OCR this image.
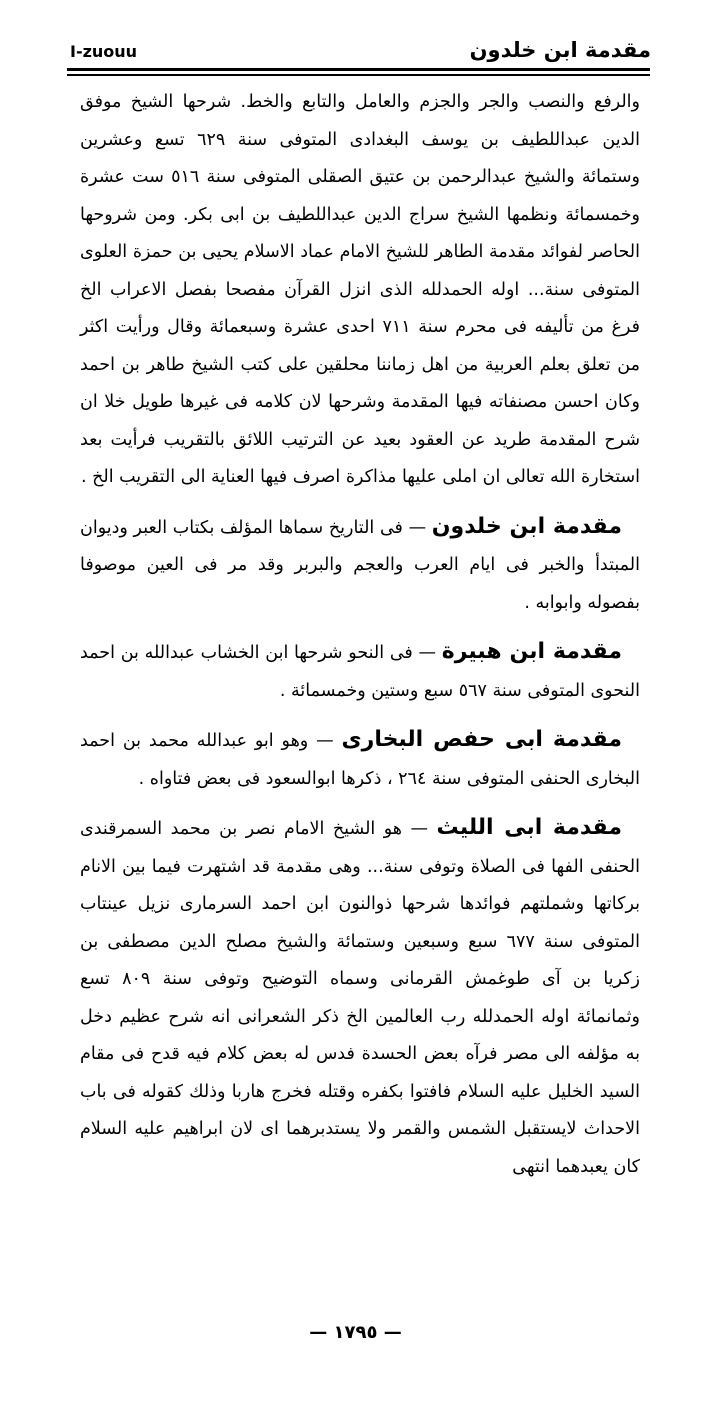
I-zuouu	مقدمة ابن خلدون

والرفع والنصب والجر والجزم والعامل والتابع والخط. شرحها الشيخ موفق الدين عبداللطيف بن يوسف البغدادى المتوفى سنة ٦٢٩ تسع وعشرين وستمائة والشيخ عبدالرحمن بن عتيق الصقلى المتوفى سنة ٥١٦ ست عشرة وخمسمائة ونظمها الشيخ سراج الدين عبداللطيف بن ابى بكر. ومن شروحها الحاصر لفوائد مقدمة الطاهر للشيخ الامام عماد الاسلام يحيى بن حمزة العلوى المتوفى سنة... اوله الحمدلله الذى انزل القرآن مفصحا بفصل الاعراب الخ فرغ من تأليفه فى محرم سنة ٧١١ احدى عشرة وسبعمائة وقال ورأيت اكثر من تعلق بعلم العربية من اهل زماننا محلقين على كتب الشيخ طاهر بن احمد وكان احسن مصنفاته فيها المقدمة وشرحها لان كلامه فى غيرها طويل خلا ان شرح المقدمة طريد عن العقود بعيد عن الترتيب اللائق بالتقريب فرأيت بعد استخارة الله تعالى ان املى عليها مذاكرة اصرف فيها العناية الى التقريب الخ .

مقدمة ابن خلدون — فى التاريخ سماها المؤلف بكتاب العبر وديوان المبتدأ والخبر فى ايام العرب والعجم والبربر وقد مر فى العين موصوفا بفصوله وابوابه .

مقدمة ابن هبيرة — فى النحو شرحها ابن الخشاب عبدالله بن احمد النحوى المتوفى سنة ٥٦٧ سبع وستين وخمسمائة .

مقدمة ابى حفص البخارى — وهو ابو عبدالله محمد بن احمد البخارى الحنفى المتوفى سنة ٢٦٤ ، ذكرها ابوالسعود فى بعض فتاواه .

مقدمة ابى الليث — هو الشيخ الامام نصر بن محمد السمرقندى الحنفى الفها فى الصلاة وتوفى سنة... وهى مقدمة قد اشتهرت فيما بين الانام بركاتها وشملتهم فوائدها شرحها ذوالنون ابن احمد السرمارى نزيل عينتاب المتوفى سنة ٦٧٧ سبع وسبعين وستمائة والشيخ مصلح الدين مصطفى بن زكريا بن آى طوغمش القرمانى وسماه التوضيح وتوفى سنة ٨٠٩ تسع وثمانمائة اوله الحمدلله رب العالمين الخ ذكر الشعرانى انه شرح عظيم دخل به مؤلفه الى مصر فرآه بعض الحسدة فدس له بعض كلام فيه قدح فى مقام السيد الخليل عليه السلام فافتوا بكفره وقتله فخرج هاربا وذلك كقوله فى باب الاحداث لايستقبل الشمس والقمر ولا يستدبرهما اى لان ابراهيم عليه السلام كان يعبدهما انتهى

— ١٧٩٥ —
